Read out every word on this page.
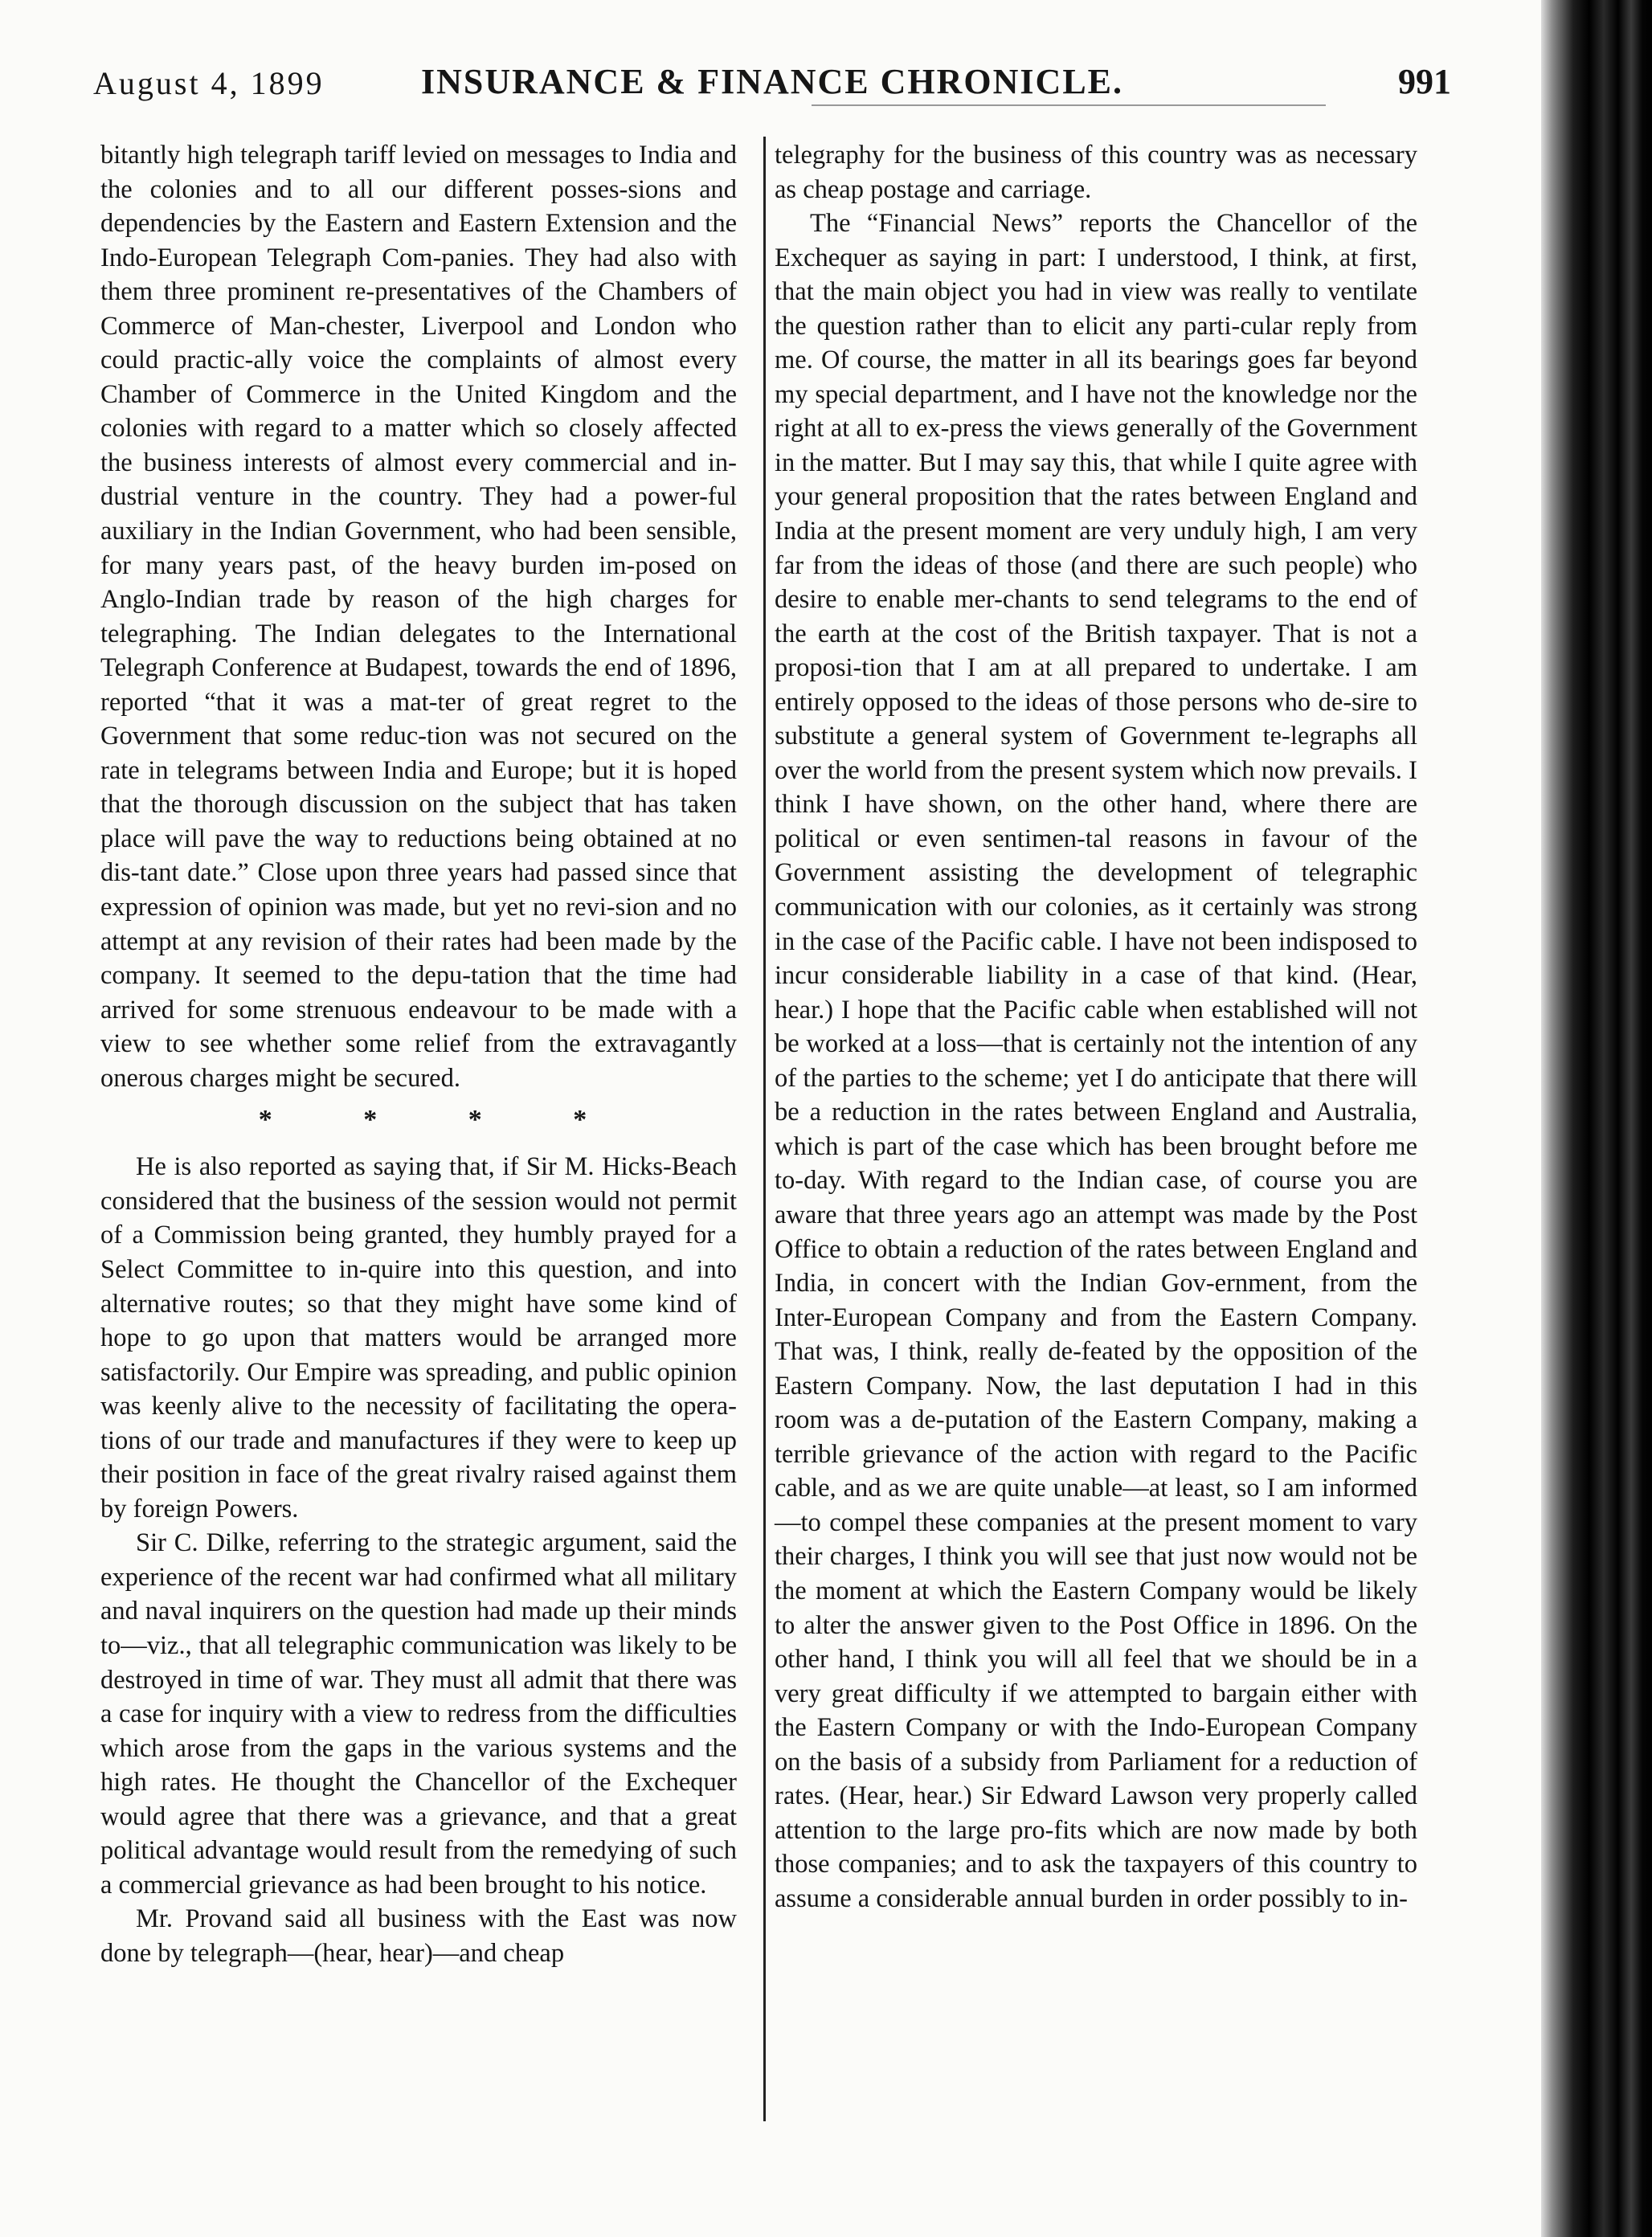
August 4, 1899	INSURANCE & FINANCE CHRONICLE.	991

bitantly high telegraph tariff levied on messages to India and the colonies and to all our different posses-sions and dependencies by the Eastern and Eastern Extension and the Indo-European Telegraph Com-panies. They had also with them three prominent re-presentatives of the Chambers of Commerce of Man-chester, Liverpool and London who could practic-ally voice the complaints of almost every Chamber of Commerce in the United Kingdom and the colonies with regard to a matter which so closely affected the business interests of almost every commercial and in-dustrial venture in the country. They had a power-ful auxiliary in the Indian Government, who had been sensible, for many years past, of the heavy burden im-posed on Anglo-Indian trade by reason of the high charges for telegraphing. The Indian delegates to the International Telegraph Conference at Budapest, towards the end of 1896, reported “that it was a mat-ter of great regret to the Government that some reduc-tion was not secured on the rate in telegrams between India and Europe; but it is hoped that the thorough discussion on the subject that has taken place will pave the way to reductions being obtained at no dis-tant date.” Close upon three years had passed since that expression of opinion was made, but yet no revi-sion and no attempt at any revision of their rates had been made by the company. It seemed to the depu-tation that the time had arrived for some strenuous endeavour to be made with a view to see whether some relief from the extravagantly onerous charges might be secured.

*	*	*	*

He is also reported as saying that, if Sir M. Hicks-Beach considered that the business of the session would not permit of a Commission being granted, they humbly prayed for a Select Committee to in-quire into this question, and into alternative routes; so that they might have some kind of hope to go upon that matters would be arranged more satisfactorily. Our Empire was spreading, and public opinion was keenly alive to the necessity of facilitating the opera-tions of our trade and manufactures if they were to keep up their position in face of the great rivalry raised against them by foreign Powers.

Sir C. Dilke, referring to the strategic argument, said the experience of the recent war had confirmed what all military and naval inquirers on the question had made up their minds to—viz., that all telegraphic communication was likely to be destroyed in time of war. They must all admit that there was a case for inquiry with a view to redress from the difficulties which arose from the gaps in the various systems and the high rates. He thought the Chancellor of the Exchequer would agree that there was a grievance, and that a great political advantage would result from the remedying of such a commercial grievance as had been brought to his notice.

Mr. Provand said all business with the East was now done by telegraph—(hear, hear)—and cheap

telegraphy for the business of this country was as necessary as cheap postage and carriage.

The “Financial News” reports the Chancellor of the Exchequer as saying in part: I understood, I think, at first, that the main object you had in view was really to ventilate the question rather than to elicit any parti-cular reply from me. Of course, the matter in all its bearings goes far beyond my special department, and I have not the knowledge nor the right at all to ex-press the views generally of the Government in the matter. But I may say this, that while I quite agree with your general proposition that the rates between England and India at the present moment are very unduly high, I am very far from the ideas of those (and there are such people) who desire to enable mer-chants to send telegrams to the end of the earth at the cost of the British taxpayer. That is not a proposi-tion that I am at all prepared to undertake. I am entirely opposed to the ideas of those persons who de-sire to substitute a general system of Government te-legraphs all over the world from the present system which now prevails. I think I have shown, on the other hand, where there are political or even sentimen-tal reasons in favour of the Government assisting the development of telegraphic communication with our colonies, as it certainly was strong in the case of the Pacific cable. I have not been indisposed to incur considerable liability in a case of that kind. (Hear, hear.) I hope that the Pacific cable when established will not be worked at a loss—that is certainly not the intention of any of the parties to the scheme; yet I do anticipate that there will be a reduction in the rates between England and Australia, which is part of the case which has been brought before me to-day. With regard to the Indian case, of course you are aware that three years ago an attempt was made by the Post Office to obtain a reduction of the rates between England and India, in concert with the Indian Gov-ernment, from the Inter-European Company and from the Eastern Company. That was, I think, really de-feated by the opposition of the Eastern Company. Now, the last deputation I had in this room was a de-putation of the Eastern Company, making a terrible grievance of the action with regard to the Pacific cable, and as we are quite unable—at least, so I am informed—to compel these companies at the present moment to vary their charges, I think you will see that just now would not be the moment at which the Eastern Company would be likely to alter the answer given to the Post Office in 1896. On the other hand, I think you will all feel that we should be in a very great difficulty if we attempted to bargain either with the Eastern Company or with the Indo-European Company on the basis of a subsidy from Parliament for a reduction of rates. (Hear, hear.) Sir Edward Lawson very properly called attention to the large pro-fits which are now made by both those companies; and to ask the taxpayers of this country to assume a considerable annual burden in order possibly to in-
